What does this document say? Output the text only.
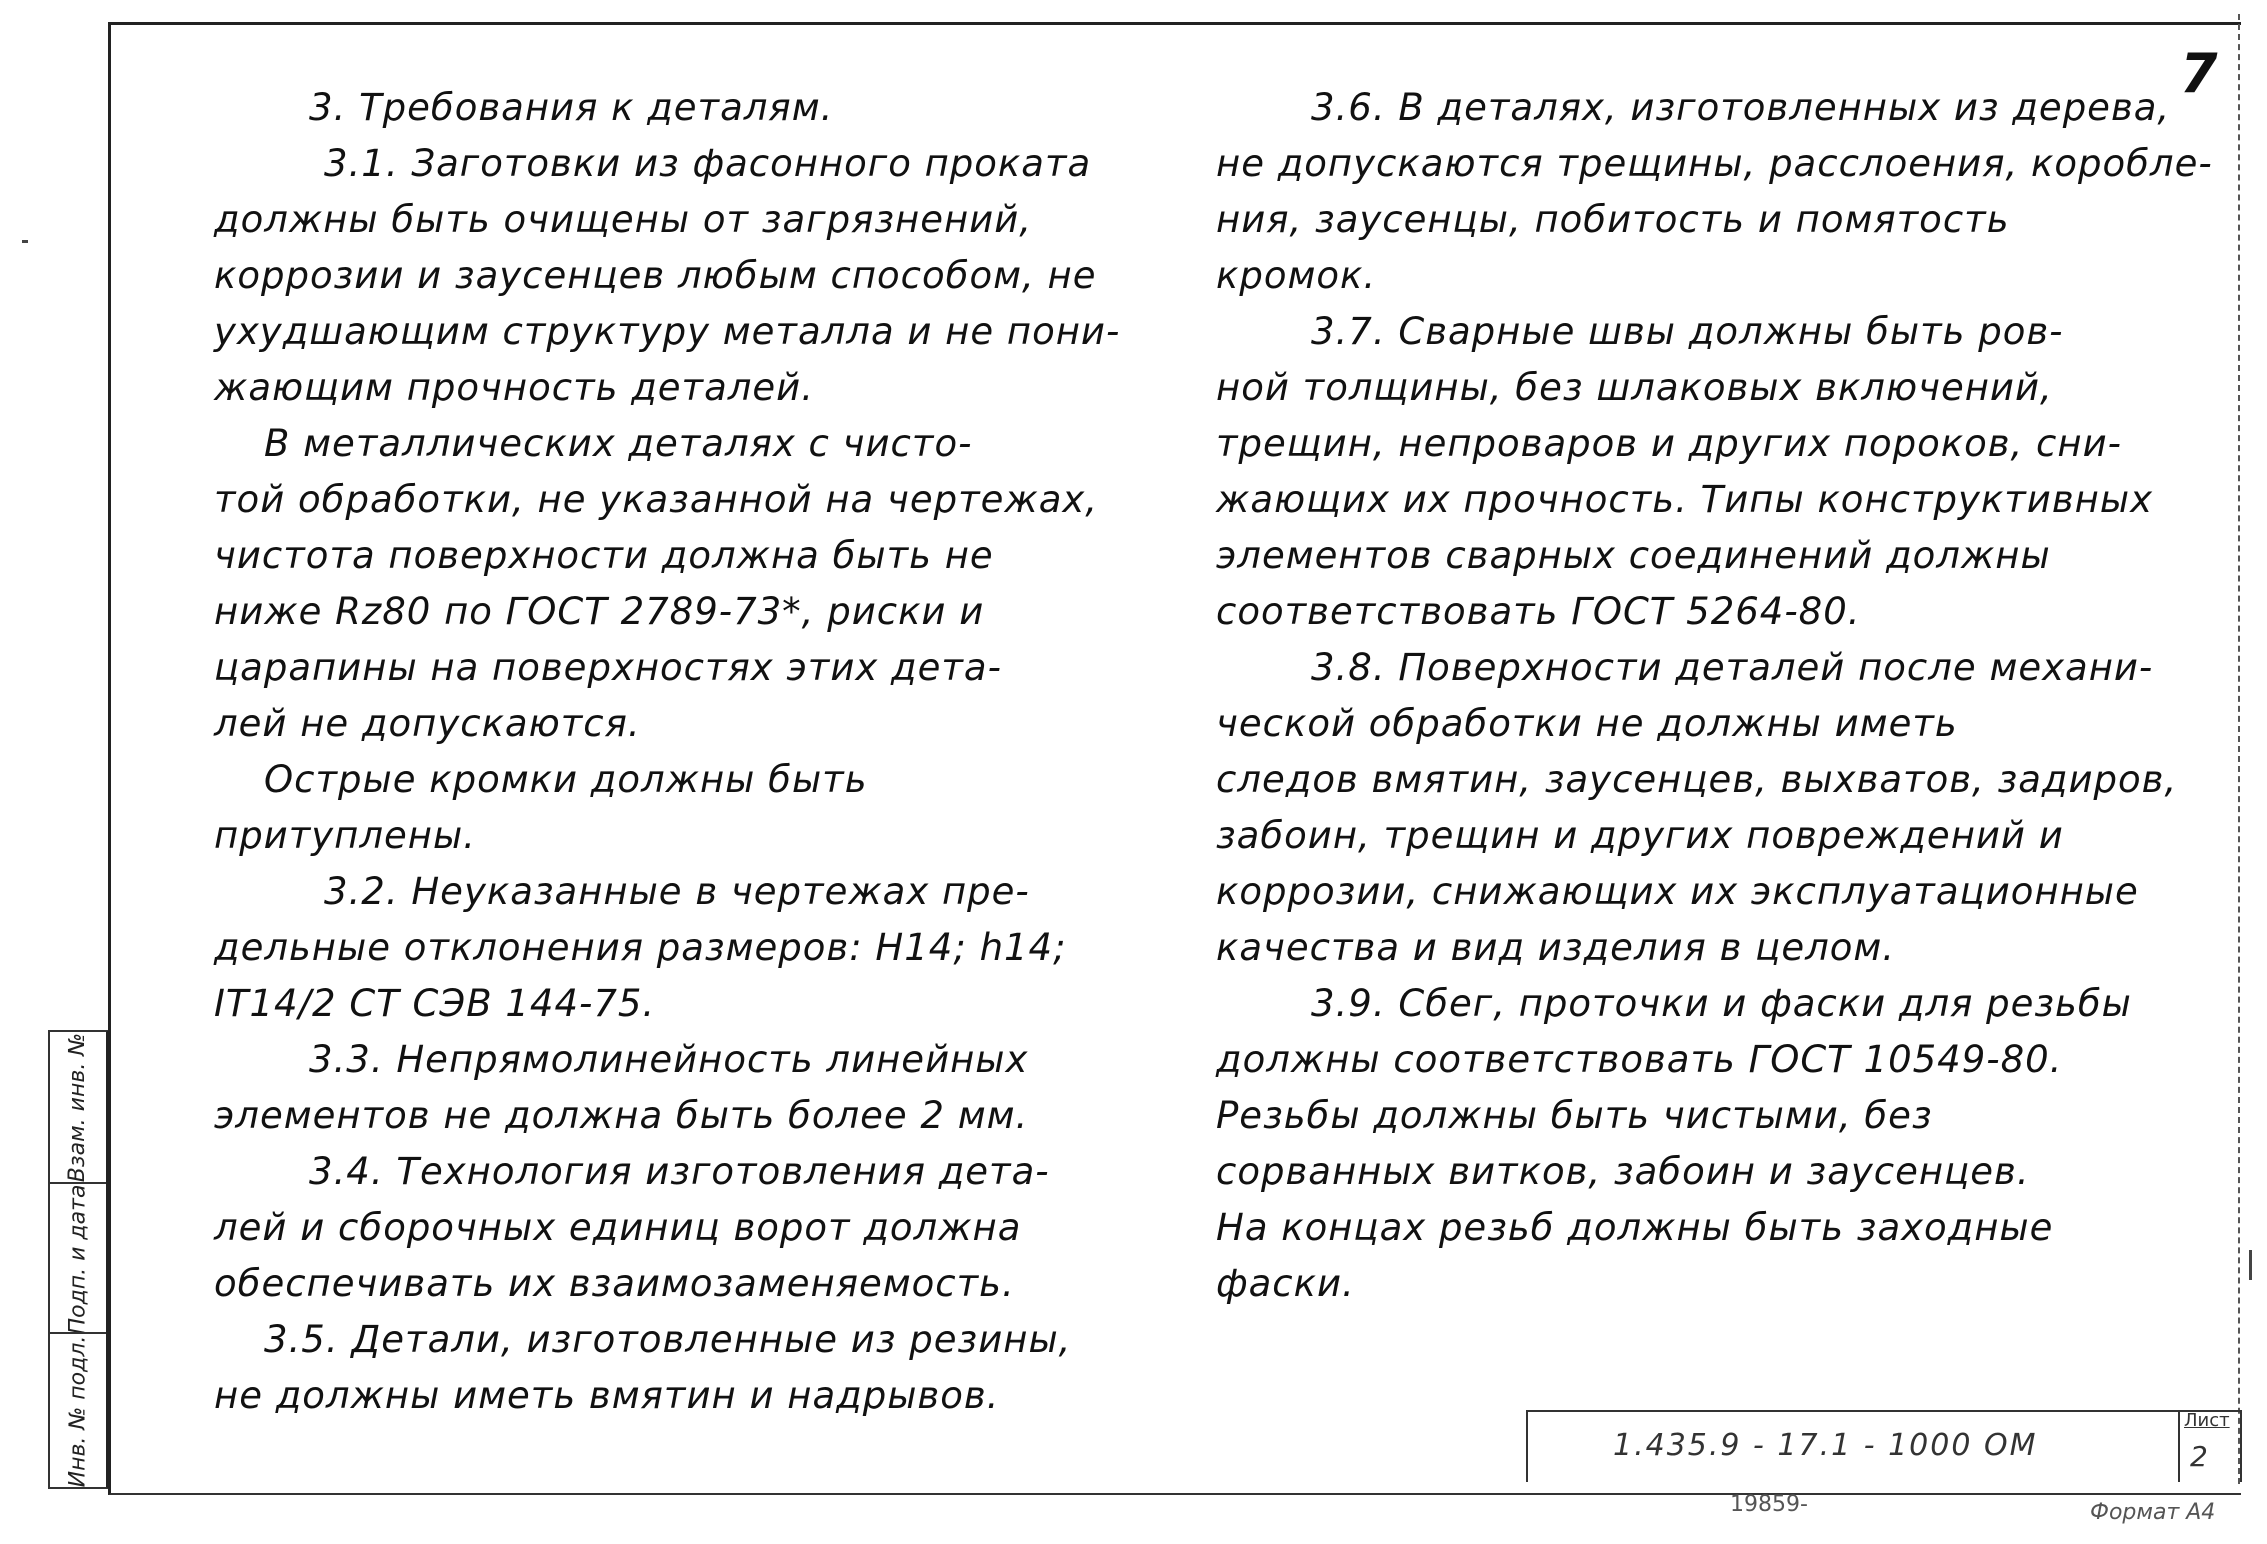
7
3. Требования к деталям.
3.1. Заготовки из фасонного проката
должны быть очищены от загрязнений,
коррозии и заусенцев любым способом, не
ухудшающим структуру металла и не пони-
жающим прочность деталей.
В металлических деталях с чисто-
той обработки, не указанной на чертежах,
чистота поверхности должна быть не
ниже Rz80 по ГОСТ 2789-73*, риски и
царапины на поверхностях этих дета-
лей не допускаются.
Острые кромки должны быть
притуплены.
3.2. Неуказанные в чертежах пре-
дельные отклонения размеров: Н14; h14;
IT14/2 СТ СЭВ 144-75.
3.3. Непрямолинейность линейных
элементов не должна быть более 2 мм.
3.4. Технология изготовления дета-
лей и сборочных единиц ворот должна
обеспечивать их взаимозаменяемость.
3.5. Детали, изготовленные из резины,
не должны иметь вмятин и надрывов.
3.6. В деталях, изготовленных из дерева,
не допускаются трещины, расслоения, коробле-
ния, заусенцы, побитость и помятость
кромок.
3.7. Сварные швы должны быть ров-
ной толщины, без шлаковых включений,
трещин, непроваров и других пороков, сни-
жающих их прочность. Типы конструктивных
элементов сварных соединений должны
соответствовать ГОСТ 5264-80.
3.8. Поверхности деталей после механи-
ческой обработки не должны иметь
следов вмятин, заусенцев, выхватов, задиров,
забоин, трещин и других повреждений и
коррозии, снижающих их эксплуатационные
качества и вид изделия в целом.
3.9. Сбег, проточки и фаски для резьбы
должны соответствовать ГОСТ 10549-80.
Резьбы должны быть чистыми, без
сорванных витков, забоин и заусенцев.
На концах резьб должны быть заходные
фаски.
Взам. инв. №
Подп. и дата
Инв. № подл.	1.435.9 - 17.1 - 1000 ОМ
Лист
2
19859-	Формат А4
